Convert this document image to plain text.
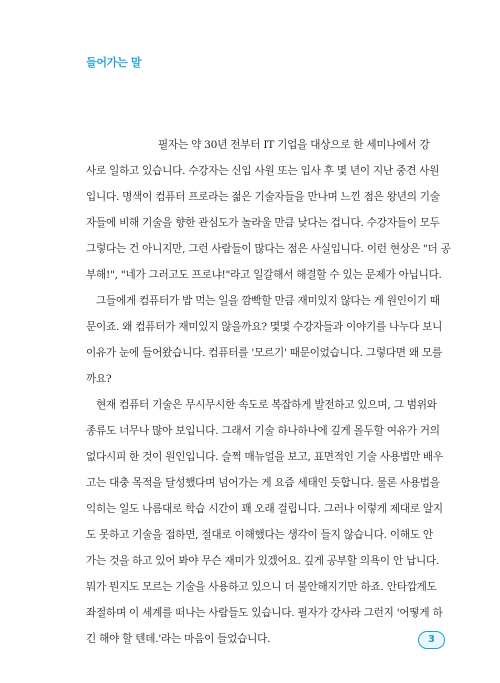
들어가는 말
필자는 약 30년 전부터 IT 기업을 대상으로 한 세미나에서 강
사로 일하고 있습니다. 수강자는 신입 사원 또는 입사 후 몇 년이 지난 중견 사원
입니다. 명색이 컴퓨터 프로라는 젊은 기술자들을 만나며 느낀 점은 왕년의 기술
자들에 비해 기술을 향한 관심도가 놀라울 만큼 낮다는 겁니다. 수강자들이 모두
그렇다는 건 아니지만, 그런 사람들이 많다는 점은 사실입니다. 이런 현상은 "더 공
부해!", "네가 그러고도 프로냐!"라고 일갈해서 해결할 수 있는 문제가 아닙니다.
그들에게 컴퓨터가 밥 먹는 일을 깜빡할 만큼 재미있지 않다는 게 원인이기 때
문이죠. 왜 컴퓨터가 재미있지 않을까요? 몇몇 수강자들과 이야기를 나누다 보니
이유가 눈에 들어왔습니다. 컴퓨터를 '모르기' 때문이었습니다. 그렇다면 왜 모를
까요?
현재 컴퓨터 기술은 무시무시한 속도로 복잡하게 발전하고 있으며, 그 범위와
종류도 너무나 많아 보입니다. 그래서 기술 하나하나에 깊게 몰두할 여유가 거의
없다시피 한 것이 원인입니다. 슬쩍 매뉴얼을 보고, 표면적인 기술 사용법만 배우
고는 대충 목적을 달성했다며 넘어가는 게 요즘 세태인 듯합니다. 물론 사용법을
익히는 일도 나름대로 학습 시간이 꽤 오래 걸립니다. 그러나 이렇게 제대로 알지
도 못하고 기술을 접하면, 절대로 이해했다는 생각이 들지 않습니다. 이해도 안
가는 것을 하고 있어 봐야 무슨 재미가 있겠어요. 깊게 공부할 의욕이 안 납니다.
뭐가 뭔지도 모르는 기술을 사용하고 있으니 더 불안해지기만 하죠. 안타깝게도
좌절하며 이 세계를 떠나는 사람들도 있습니다. 필자가 강사라 그런지 '어떻게 하
긴 해야 할 텐데.'라는 마음이 들었습니다.	3
